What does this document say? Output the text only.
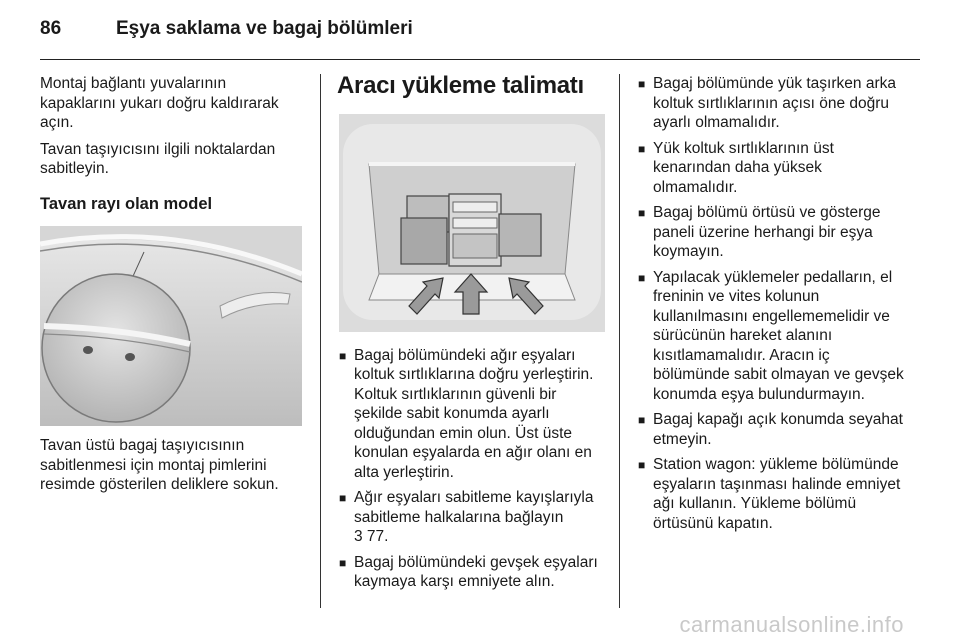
86	Eşya saklama ve bagaj bölümleri

Montaj bağlantı yuvalarının kapaklarını yukarı doğru kaldırarak açın.

Tavan taşıyıcısını ilgili noktalardan sabitleyin.

Tavan rayı olan model

Tavan üstü bagaj taşıyıcısının sabitlenmesi için montaj pimlerini resimde gösterilen deliklere sokun.

Aracı yükleme talimatı
■ Bagaj bölümündeki ağır eşyaları koltuk sırtlıklarına doğru yerleştirin. Koltuk sırtlıklarının güvenli bir şekilde sabit konumda ayarlı olduğundan emin olun. Üst üste konulan eşyalarda en ağır olanı en alta yerleştirin.
■ Ağır eşyaları sabitleme kayışlarıyla sabitleme halkalarına bağlayın
3 77.
■ Bagaj bölümündeki gevşek eşyaları kaymaya karşı emniyete alın.
■ Bagaj bölümünde yük taşırken arka koltuk sırtlıklarının açısı öne doğru ayarlı olmamalıdır.
■ Yük koltuk sırtlıklarının üst kenarından daha yüksek olmamalıdır.
■ Bagaj bölümü örtüsü ve gösterge paneli üzerine herhangi bir eşya koymayın.
■ Yapılacak yüklemeler pedalların, el freninin ve vites kolunun kullanılmasını engellememelidir ve sürücünün hareket alanını kısıtlamamalıdır. Aracın iç bölümünde sabit olmayan ve gevşek konumda eşya bulundurmayın.
■ Bagaj kapağı açık konumda seyahat etmeyin.
■ Station wagon: yükleme bölümünde eşyaların taşınması halinde emniyet ağı kullanın. Yükleme bölümü örtüsünü kapatın.
carmanualsonline.info
